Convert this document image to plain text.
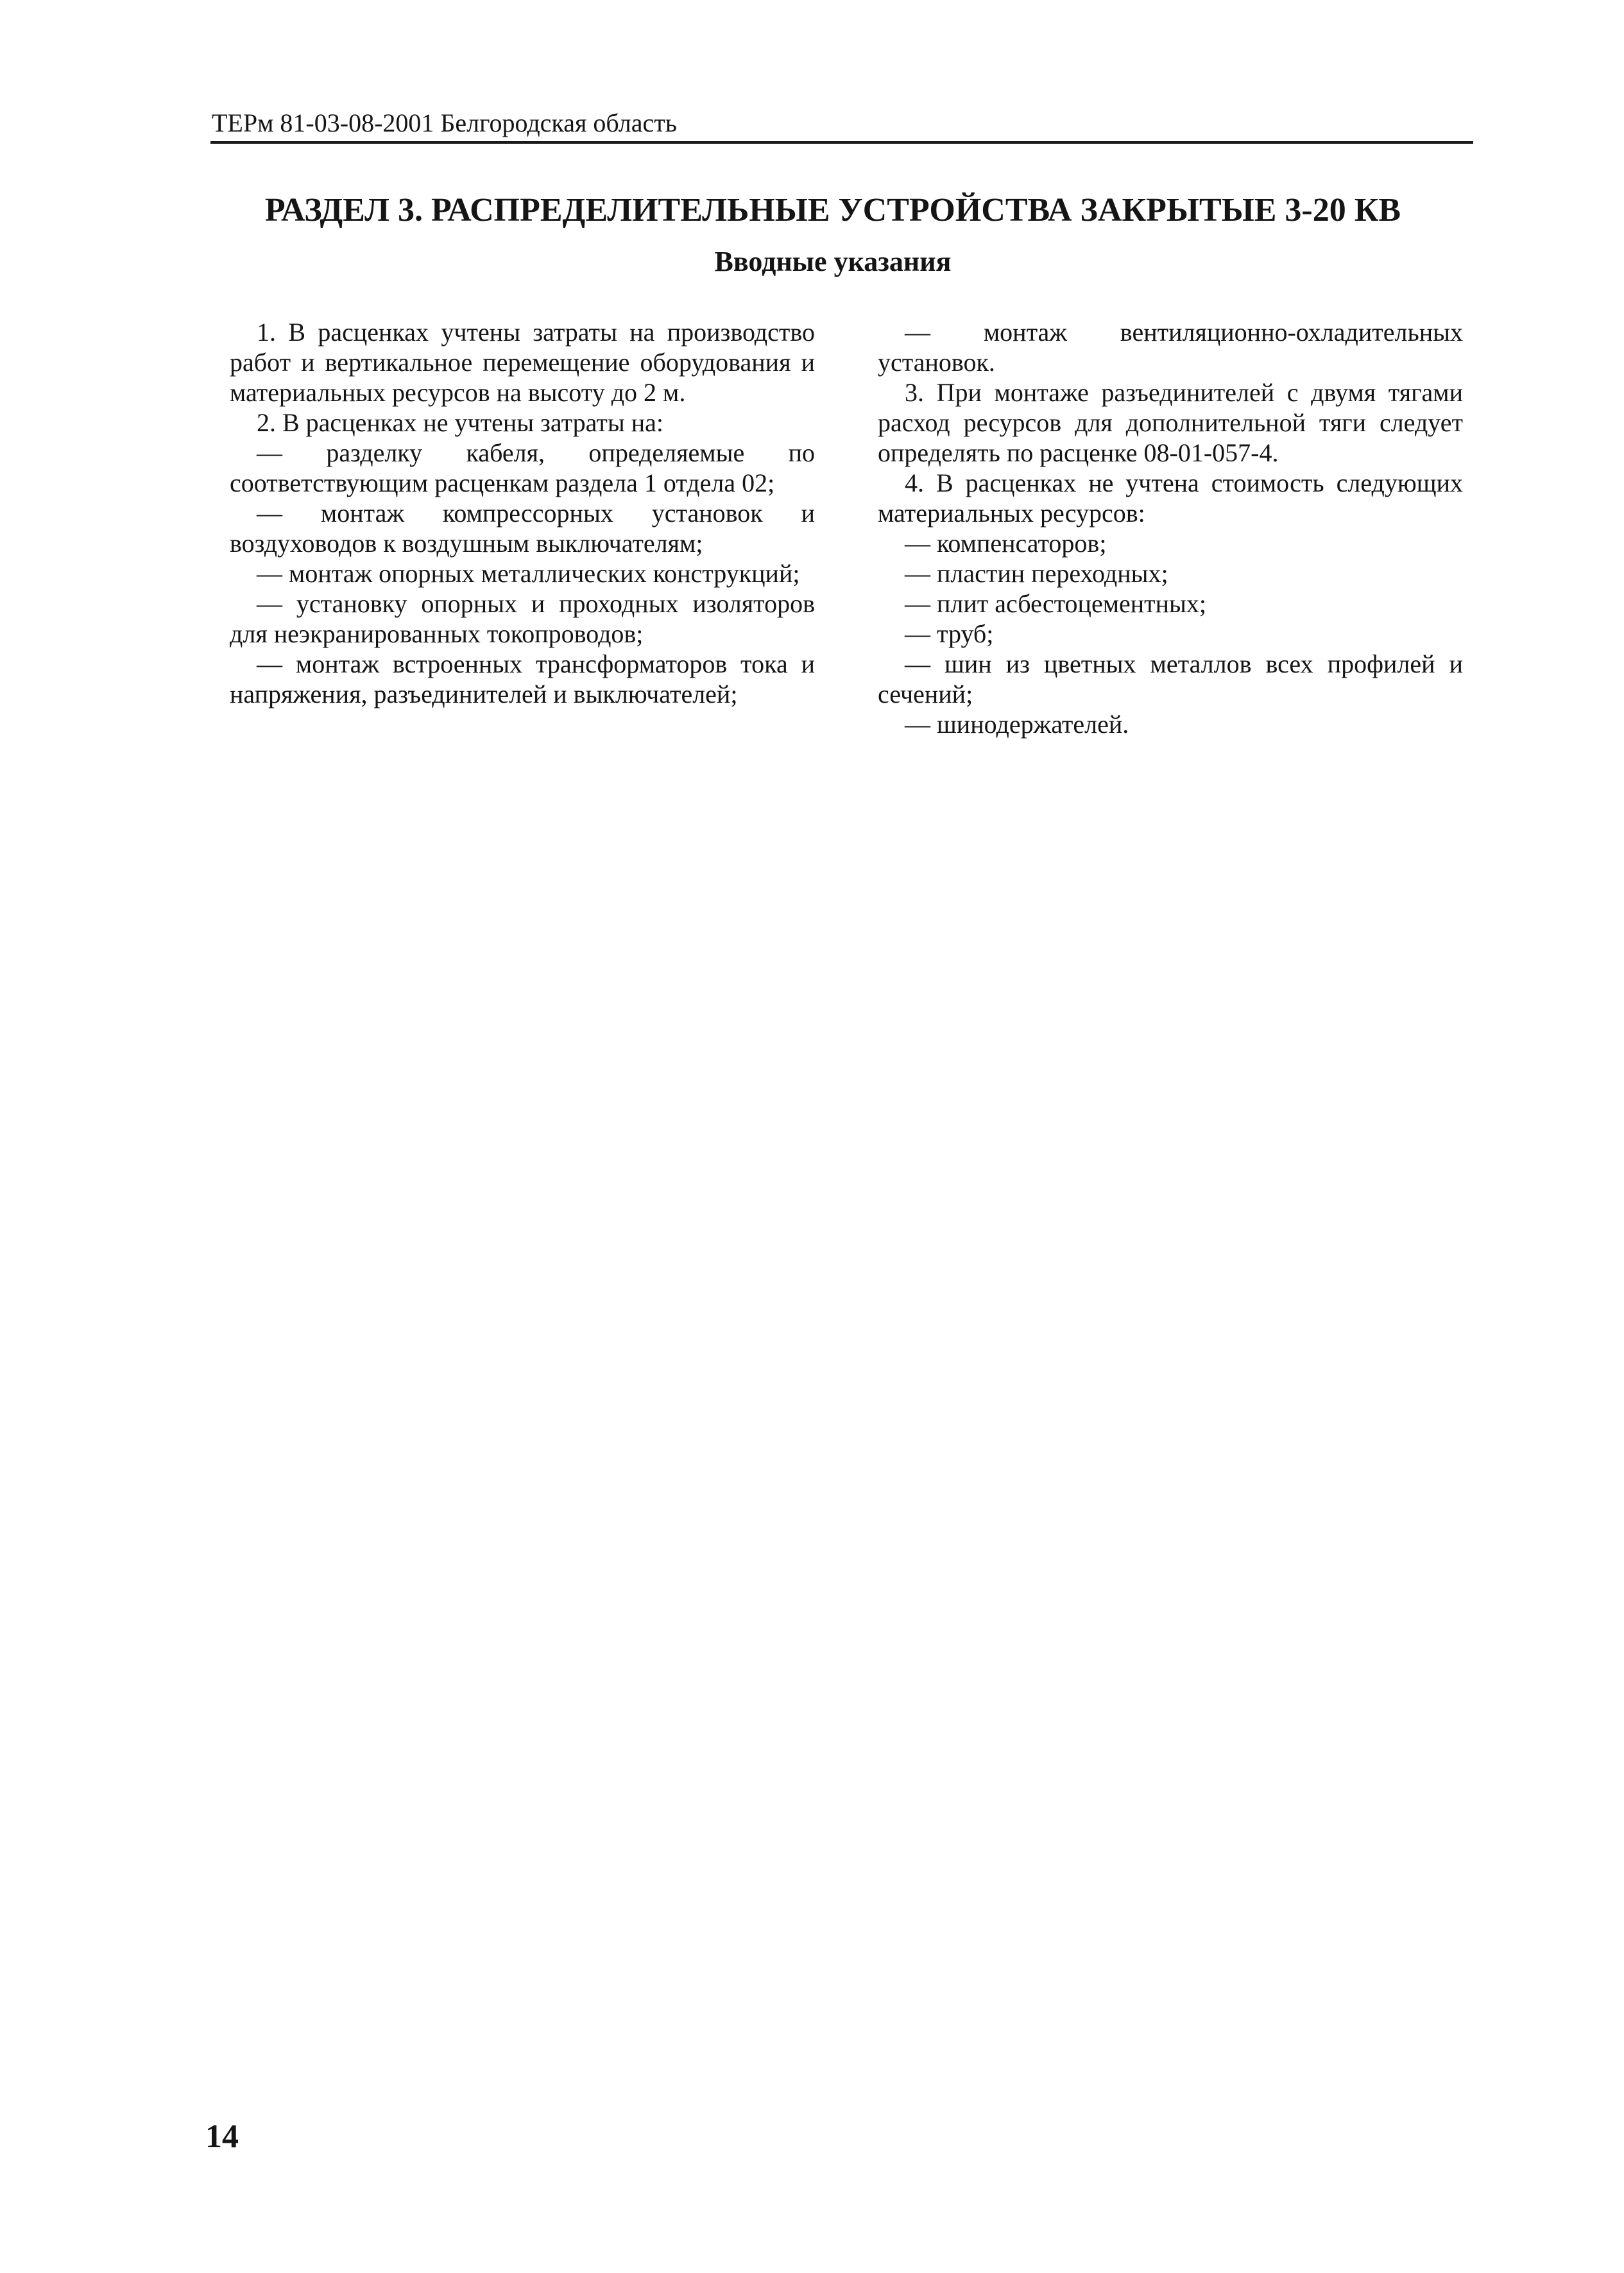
ТЕРм 81-03-08-2001 Белгородская область
РАЗДЕЛ 3. РАСПРЕДЕЛИТЕЛЬНЫЕ УСТРОЙСТВА ЗАКРЫТЫЕ 3-20 КВ
Вводные указания

1. В расценках учтены затраты на производство работ и вертикальное перемещение оборудования и материальных ресурсов на высоту до 2 м.

2. В расценках не учтены затраты на:

— разделку кабеля, определяемые по соответствующим расценкам раздела 1 отдела 02;

— монтаж компрессорных установок и воздуховодов к воздушным выключателям;

— монтаж опорных металлических конструкций;

— установку опорных и проходных изоляторов для неэкранированных токопроводов;

— монтаж встроенных трансформаторов тока и напряжения, разъединителей и выключателей;

— монтаж вентиляционно-охладительных установок.

3. При монтаже разъединителей с двумя тягами расход ресурсов для дополнительной тяги следует определять по расценке 08-01-057-4.

4. В расценках не учтена стоимость следующих материальных ресурсов:

— компенсаторов;

— пластин переходных;

— плит асбестоцементных;

— труб;

— шин из цветных металлов всех профилей и сечений;

— шинодержателей.

14
